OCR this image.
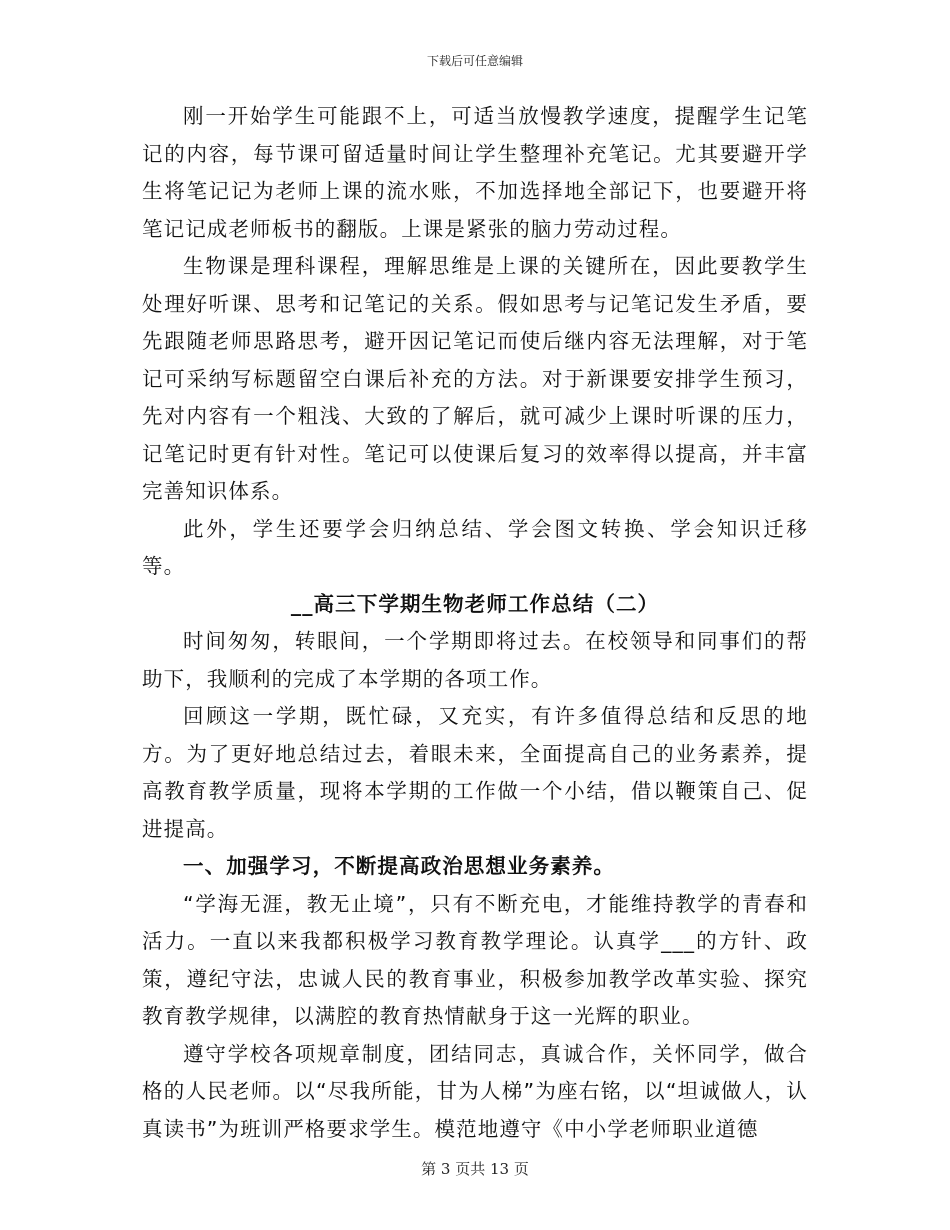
下载后可任意编辑

刚一开始学生可能跟不上，可适当放慢教学速度，提醒学生记笔记的内容，每节课可留适量时间让学生整理补充笔记。尤其要避开学生将笔记记为老师上课的流水账，不加选择地全部记下，也要避开将笔记记成老师板书的翻版。上课是紧张的脑力劳动过程。

生物课是理科课程，理解思维是上课的关键所在，因此要教学生处理好听课、思考和记笔记的关系。假如思考与记笔记发生矛盾，要先跟随老师思路思考，避开因记笔记而使后继内容无法理解，对于笔记可采纳写标题留空白课后补充的方法。对于新课要安排学生预习，先对内容有一个粗浅、大致的了解后，就可减少上课时听课的压力，记笔记时更有针对性。笔记可以使课后复习的效率得以提高，并丰富完善知识体系。

此外，学生还要学会归纳总结、学会图文转换、学会知识迁移等。

__高三下学期生物老师工作总结（二）

时间匆匆，转眼间，一个学期即将过去。在校领导和同事们的帮助下，我顺利的完成了本学期的各项工作。

回顾这一学期，既忙碌，又充实，有许多值得总结和反思的地方。为了更好地总结过去，着眼未来，全面提高自己的业务素养，提高教育教学质量，现将本学期的工作做一个小结，借以鞭策自己、促进提高。

一、加强学习，不断提高政治思想业务素养。

“学海无涯，教无止境”，只有不断充电，才能维持教学的青春和活力。一直以来我都积极学习教育教学理论。认真学___的方针、政策，遵纪守法，忠诚人民的教育事业，积极参加教学改革实验、探究教育教学规律，以满腔的教育热情献身于这一光辉的职业。

遵守学校各项规章制度，团结同志，真诚合作，关怀同学，做合格的人民老师。以“尽我所能，甘为人梯”为座右铭，以“坦诚做人，认真读书”为班训严格要求学生。模范地遵守《中小学老师职业道德

第 3 页共 13 页
